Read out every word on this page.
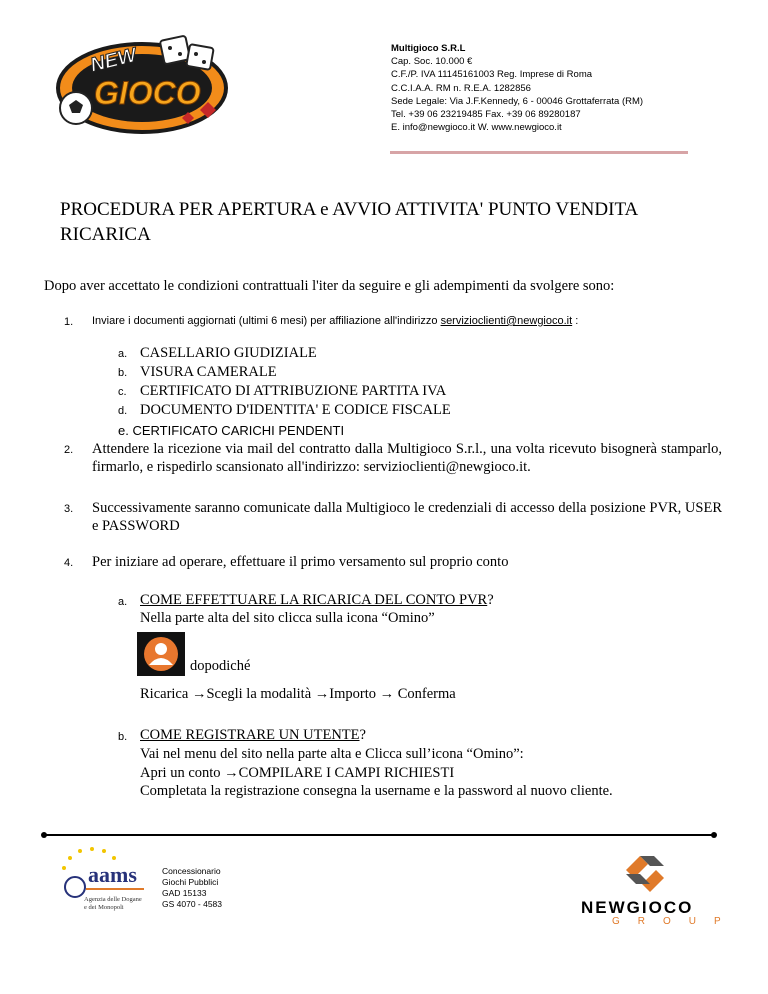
NEW
GIOCO
Multigioco S.R.L
Cap. Soc. 10.000 €
C.F./P. IVA 11145161003 Reg. Imprese di Roma
C.C.I.A.A. RM n. R.E.A. 1282856
Sede Legale: Via J.F.Kennedy, 6 - 00046 Grottaferrata (RM)
Tel. +39 06 23219485 Fax. +39 06 89280187
E. info@newgioco.it W. www.newgioco.it
PROCEDURA PER APERTURA e AVVIO ATTIVITA' PUNTO VENDITA RICARICA
Dopo aver accettato le condizioni contrattuali l'iter da seguire e gli adempimenti da svolgere sono:
1. Inviare i documenti aggiornati (ultimi 6 mesi) per affiliazione all'indirizzo servizioclienti@newgioco.it :
a. CASELLARIO GIUDIZIALE
b. VISURA CAMERALE
c. CERTIFICATO DI ATTRIBUZIONE PARTITA IVA
d. DOCUMENTO D'IDENTITA' E CODICE FISCALE
e. CERTIFICATO CARICHI PENDENTI
2. Attendere la ricezione via mail del contratto dalla Multigioco S.r.l., una volta ricevuto bisognerà stamparlo, firmarlo, e rispedirlo scansionato all'indirizzo: servizioclienti@newgioco.it.
3. Successivamente saranno comunicate dalla Multigioco le credenziali di accesso della posizione PVR, USER e PASSWORD
4. Per iniziare ad operare, effettuare il primo versamento sul proprio conto
a. COME EFFETTUARE LA RICARICA DEL CONTO PVR?
Nella parte alta del sito clicca sulla icona “Omino”
dopodiché
Ricarica →Scegli la modalità →Importo → Conferma
b. COME REGISTRARE UN UTENTE?
Vai nel menu del sito nella parte alta e Clicca sull’icona “Omino”:
Apri un conto →COMPILARE I CAMPI RICHIESTI
Completata la registrazione consegna la username e la password al nuovo cliente.
aams
Agenzia delle Dogane
e dei Monopoli
Concessionario
Giochi Pubblici
GAD 15133
GS 4070 - 4583	NEWGIOCO
GROUP
